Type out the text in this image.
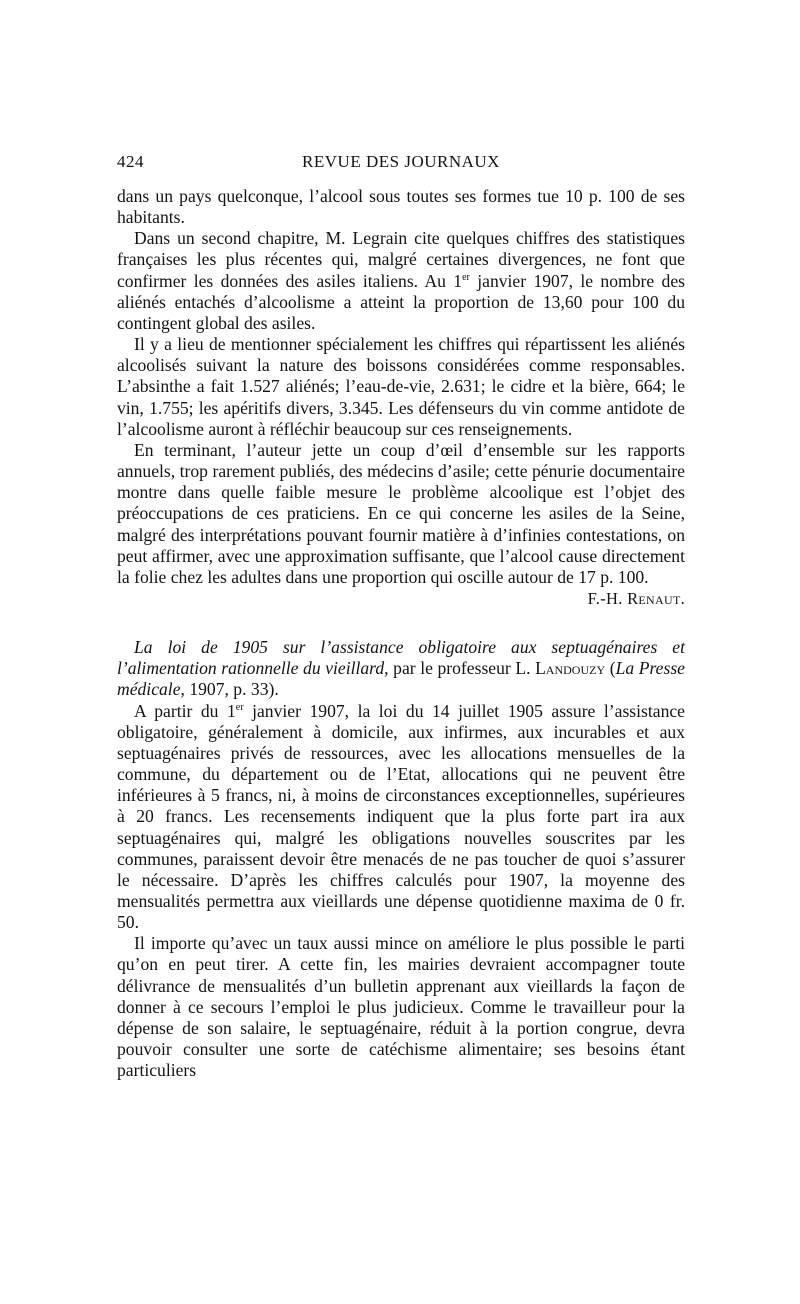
424	REVUE DES JOURNAUX

dans un pays quelconque, l’alcool sous toutes ses formes tue 10 p. 100 de ses habitants.

Dans un second chapitre, M. Legrain cite quelques chiffres des statistiques françaises les plus récentes qui, malgré certaines divergences, ne font que confirmer les données des asiles italiens. Au 1er janvier 1907, le nombre des aliénés entachés d’alcoolisme a atteint la proportion de 13,60 pour 100 du contingent global des asiles.

Il y a lieu de mentionner spécialement les chiffres qui répartissent les aliénés alcoolisés suivant la nature des boissons considérées comme responsables. L’absinthe a fait 1.527 aliénés; l’eau-de-vie, 2.631; le cidre et la bière, 664; le vin, 1.755; les apéritifs divers, 3.345. Les défenseurs du vin comme antidote de l’alcoolisme auront à réfléchir beaucoup sur ces renseignements.

En terminant, l’auteur jette un coup d’œil d’ensemble sur les rapports annuels, trop rarement publiés, des médecins d’asile; cette pénurie documentaire montre dans quelle faible mesure le problème alcoolique est l’objet des préoccupations de ces praticiens. En ce qui concerne les asiles de la Seine, malgré des interprétations pouvant fournir matière à d’infinies contestations, on peut affirmer, avec une approximation suffisante, que l’alcool cause directement la folie chez les adultes dans une proportion qui oscille autour de 17 p. 100.

F.-H. Renaut.

La loi de 1905 sur l’assistance obligatoire aux septuagénaires et l’alimentation rationnelle du vieillard, par le professeur L. Landouzy (La Presse médicale, 1907, p. 33).

A partir du 1er janvier 1907, la loi du 14 juillet 1905 assure l’assistance obligatoire, généralement à domicile, aux infirmes, aux incurables et aux septuagénaires privés de ressources, avec les allocations mensuelles de la commune, du département ou de l’Etat, allocations qui ne peuvent être inférieures à 5 francs, ni, à moins de circonstances exceptionnelles, supérieures à 20 francs. Les recensements indiquent que la plus forte part ira aux septuagénaires qui, malgré les obligations nouvelles souscrites par les communes, paraissent devoir être menacés de ne pas toucher de quoi s’assurer le nécessaire. D’après les chiffres calculés pour 1907, la moyenne des mensualités permettra aux vieillards une dépense quotidienne maxima de 0 fr. 50.

Il importe qu’avec un taux aussi mince on améliore le plus possible le parti qu’on en peut tirer. A cette fin, les mairies devraient accompagner toute délivrance de mensualités d’un bulletin apprenant aux vieillards la façon de donner à ce secours l’emploi le plus judicieux. Comme le travailleur pour la dépense de son salaire, le septuagénaire, réduit à la portion congrue, devra pouvoir consulter une sorte de catéchisme alimentaire; ses besoins étant particuliers
